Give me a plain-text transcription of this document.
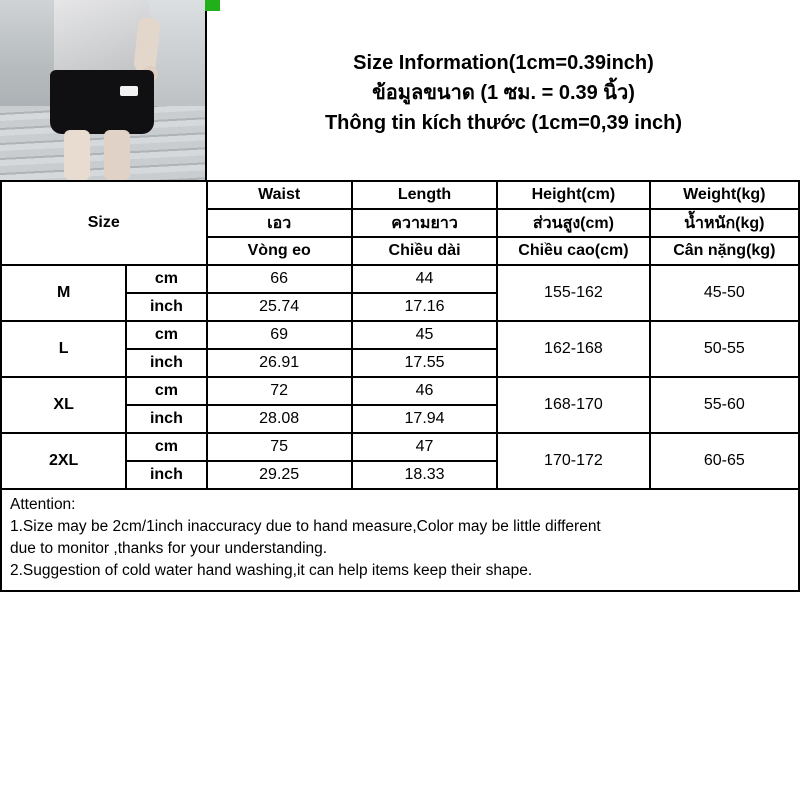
Size Information(1cm=0.39inch)
ข้อมูลขนาด (1 ซม. = 0.39 นิ้ว)
Thông tin kích thước (1cm=0,39 inch)
Size		Waist	Length	Height(cm)	Weight(kg)
		เอว	ความยาว	ส่วนสูง(cm)	น้ำหนัก(kg)
		Vòng eo	Chiều dài	Chiều cao(cm)	Cân nặng(kg)
M	cm	66	44	155-162	45-50
	inch	25.74	17.16		
L	cm	69	45	162-168	50-55
	inch	26.91	17.55		
XL	cm	72	46	168-170	55-60
	inch	28.08	17.94		
2XL	cm	75	47	170-172	60-65
	inch	29.25	18.33		

Attention:

1.Size may be 2cm/1inch inaccuracy due to hand measure,Color may be little different

due to monitor ,thanks for your understanding.

2.Suggestion of cold water hand washing,it can help items keep their shape.
